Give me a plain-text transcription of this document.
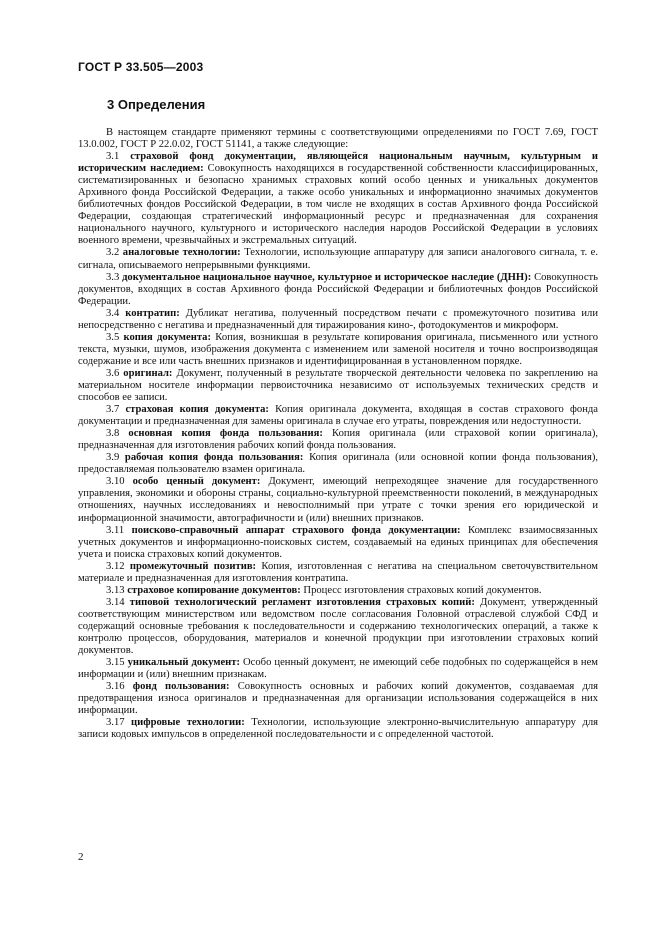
ГОСТ Р 33.505—2003
3 Определения

В настоящем стандарте применяют термины с соответствующими определениями по ГОСТ 7.69, ГОСТ 13.0.002, ГОСТ Р 22.0.02, ГОСТ 51141, а также следующие:

3.1 страховой фонд документации, являющейся национальным научным, культурным и историческим наследием: Совокупность находящихся в государственной собственности классифицированных, систематизированных и безопасно хранимых страховых копий особо ценных и уникальных документов Архивного фонда Российской Федерации, а также особо уникальных и информационно значимых документов библиотечных фондов Российской Федерации, в том числе не входящих в состав Архивного фонда Российской Федерации, создающая стратегический информационный ресурс и предназначенная для сохранения национального научного, культурного и исторического наследия народов Российской Федерации в условиях военного времени, чрезвычайных и экстремальных ситуаций.

3.2 аналоговые технологии: Технологии, использующие аппаратуру для записи аналогового сигнала, т. е. сигнала, описываемого непрерывными функциями.

3.3 документальное национальное научное, культурное и историческое наследие (ДНН): Совокупность документов, входящих в состав Архивного фонда Российской Федерации и библиотечных фондов Российской Федерации.

3.4 контратип: Дубликат негатива, полученный посредством печати с промежуточного позитива или непосредственно с негатива и предназначенный для тиражирования кино-, фотодокументов и микроформ.

3.5 копия документа: Копия, возникшая в результате копирования оригинала, письменного или устного текста, музыки, шумов, изображения документа с изменением или заменой носителя и точно воспроизводящая содержание и все или часть внешних признаков и идентифицированная в установленном порядке.

3.6 оригинал: Документ, полученный в результате творческой деятельности человека по закреплению на материальном носителе информации первоисточника независимо от используемых технических средств и способов ее записи.

3.7 страховая копия документа: Копия оригинала документа, входящая в состав страхового фонда документации и предназначенная для замены оригинала в случае его утраты, повреждения или недоступности.

3.8 основная копия фонда пользования: Копия оригинала (или страховой копии оригинала), предназначенная для изготовления рабочих копий фонда пользования.

3.9 рабочая копия фонда пользования: Копия оригинала (или основной копии фонда пользования), предоставляемая пользователю взамен оригинала.

3.10 особо ценный документ: Документ, имеющий непреходящее значение для государственного управления, экономики и обороны страны, социально-культурной преемственности поколений, в международных отношениях, научных исследованиях и невосполнимый при утрате с точки зрения его юридической и информационной значимости, автографичности и (или) внешних признаков.

3.11 поисково-справочный аппарат страхового фонда документации: Комплекс взаимосвязанных учетных документов и информационно-поисковых систем, создаваемый на единых принципах для обеспечения учета и поиска страховых копий документов.

3.12 промежуточный позитив: Копия, изготовленная с негатива на специальном светочувствительном материале и предназначенная для изготовления контратипа.

3.13 страховое копирование документов: Процесс изготовления страховых копий документов.

3.14 типовой технологический регламент изготовления страховых копий: Документ, утвержденный соответствующим министерством или ведомством после согласования Головной отраслевой службой СФД и содержащий основные требования к последовательности и содержанию технологических операций, а также к контролю процессов, оборудования, материалов и конечной продукции при изготовлении страховых копий документов.

3.15 уникальный документ: Особо ценный документ, не имеющий себе подобных по содержащейся в нем информации и (или) внешним признакам.

3.16 фонд пользования: Совокупность основных и рабочих копий документов, создаваемая для предотвращения износа оригиналов и предназначенная для организации использования содержащейся в них информации.

3.17 цифровые технологии: Технологии, использующие электронно-вычислительную аппаратуру для записи кодовых импульсов в определенной последовательности и с определенной частотой.

2
